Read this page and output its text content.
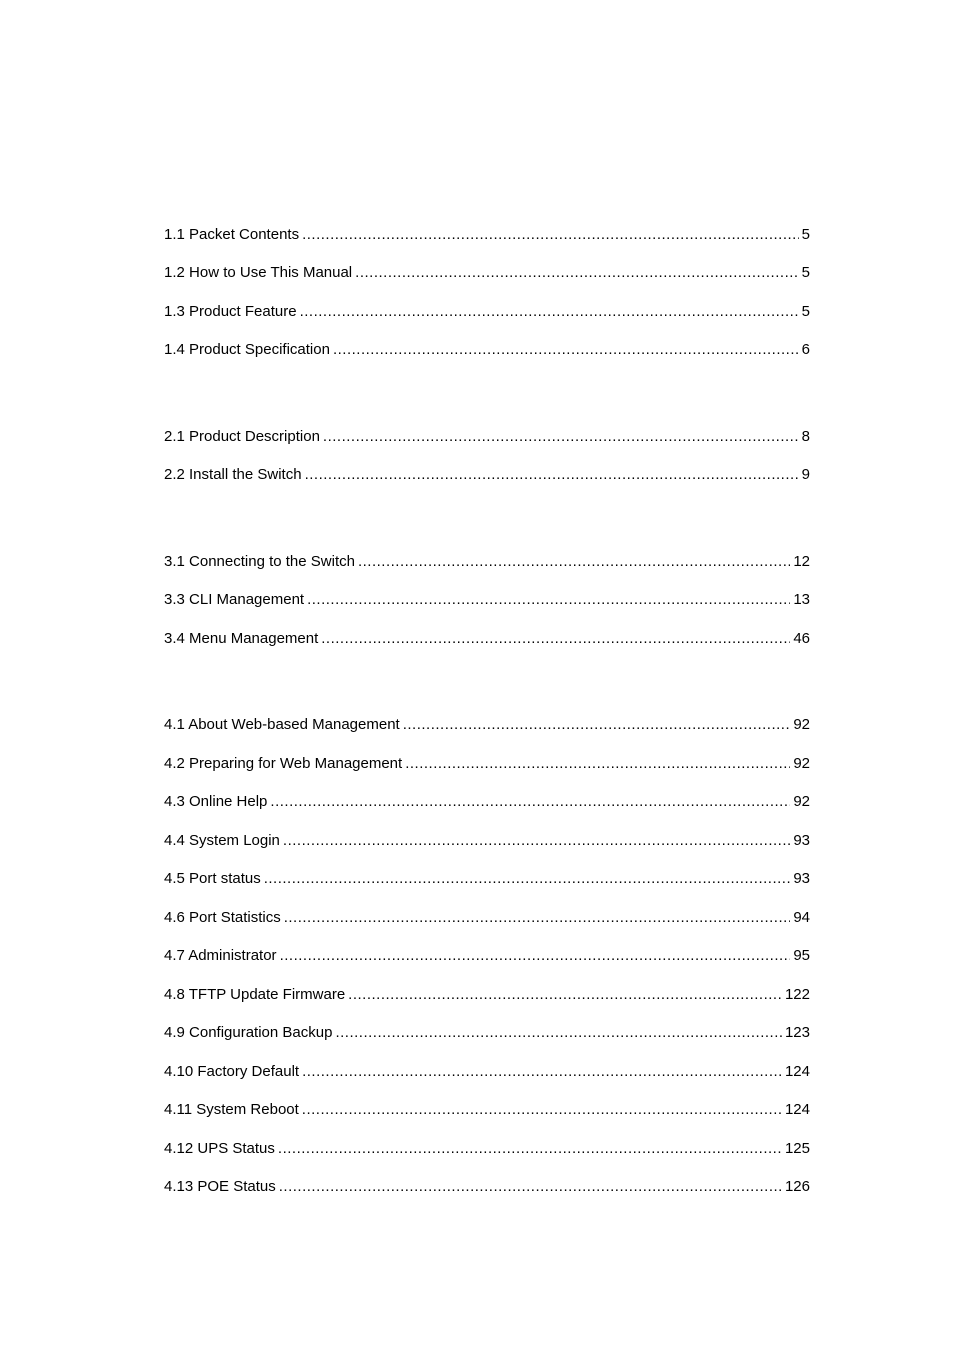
1.1 Packet Contents .....	5
1.2 How to Use This Manual .....	5
1.3 Product Feature .....	5
1.4 Product Specification .....	6
2.1 Product Description .....	8
2.2 Install the Switch .....	9
3.1 Connecting to the Switch .....	12
3.3 CLI Management .....	13
3.4 Menu Management .....	46
4.1 About Web-based Management .....	92
4.2 Preparing for Web Management .....	92
4.3 Online Help .....	92
4.4 System Login .....	93
4.5 Port status .....	93
4.6 Port Statistics .....	94
4.7 Administrator .....	95
4.8 TFTP Update Firmware .....	122
4.9 Configuration Backup .....	123
4.10 Factory Default .....	124
4.11 System Reboot .....	124
4.12 UPS Status .....	125
4.13 POE Status .....	126
